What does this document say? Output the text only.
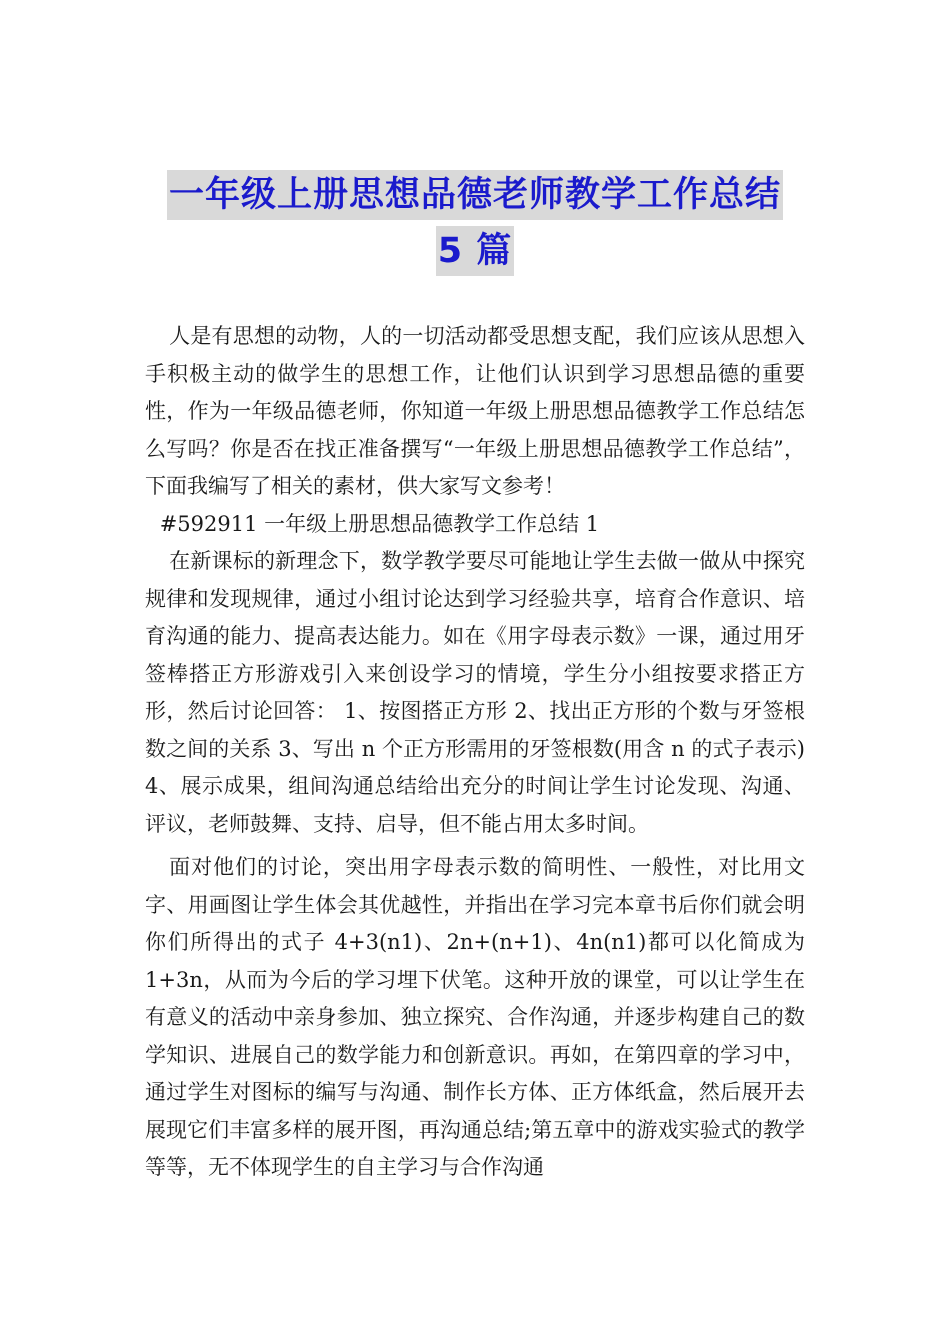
一年级上册思想品德老师教学工作总结
5 篇

人是有思想的动物，人的一切活动都受思想支配，我们应该从思想入手积极主动的做学生的思想工作，让他们认识到学习思想品德的重要性，作为一年级品德老师，你知道一年级上册思想品德教学工作总结怎么写吗？你是否在找正准备撰写“一年级上册思想品德教学工作总结”，下面我编写了相关的素材，供大家写文参考！

#592911 一年级上册思想品德教学工作总结 1

在新课标的新理念下，数学教学要尽可能地让学生去做一做从中探究规律和发现规律，通过小组讨论达到学习经验共享，培育合作意识、培育沟通的能力、提高表达能力。如在《用字母表示数》一课，通过用牙签棒搭正方形游戏引入来创设学习的情境，学生分小组按要求搭正方形，然后讨论回答： 1、按图搭正方形 2、找出正方形的个数与牙签根数之间的关系 3、写出 n 个正方形需用的牙签根数(用含 n 的式子表示) 4、展示成果，组间沟通总结给出充分的时间让学生讨论发现、沟通、评议，老师鼓舞、支持、启导，但不能占用太多时间。

面对他们的讨论，突出用字母表示数的简明性、一般性，对比用文字、用画图让学生体会其优越性，并指出在学习完本章书后你们就会明你们所得出的式子 4+3(n1)、2n+(n+1)、4n(n1)都可以化简成为 1+3n，从而为今后的学习埋下伏笔。这种开放的课堂，可以让学生在有意义的活动中亲身参加、独立探究、合作沟通，并逐步构建自己的数学知识、进展自己的数学能力和创新意识。再如，在第四章的学习中，通过学生对图标的编写与沟通、制作长方体、正方体纸盒，然后展开去展现它们丰富多样的展开图，再沟通总结;第五章中的游戏实验式的教学等等，无不体现学生的自主学习与合作沟通
